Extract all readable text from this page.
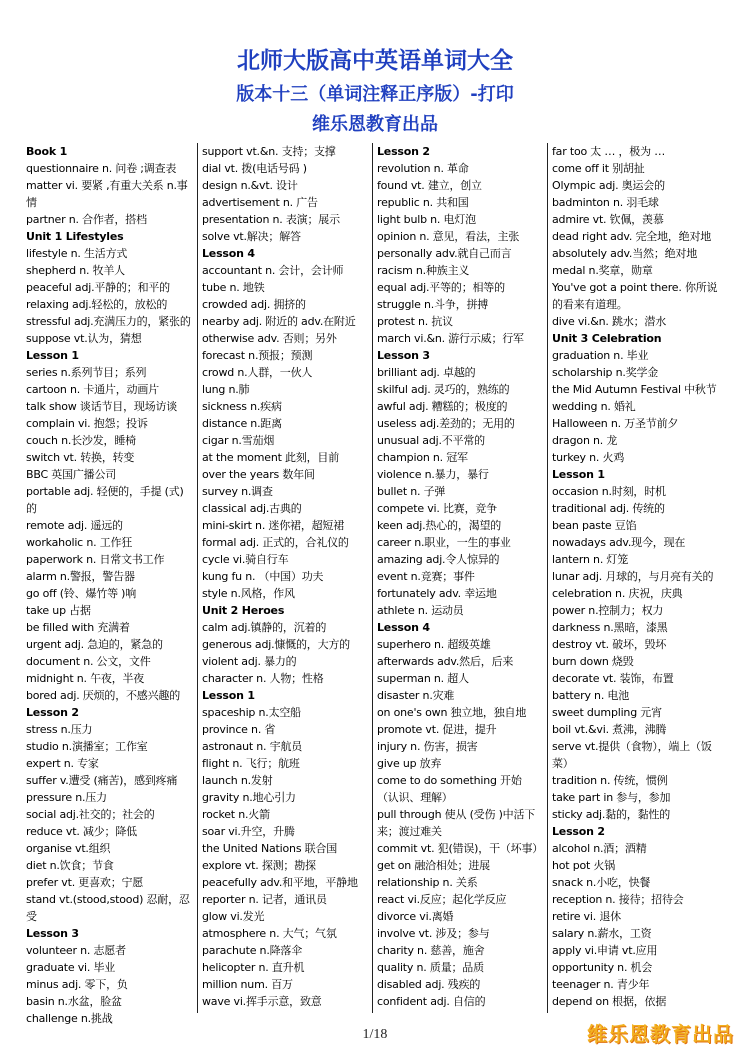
北师大版高中英语单词大全
版本十三（单词注释正序版）-打印
维乐恩教育出品
Book 1
questionnaire n. 问卷 ;调查表
matter vi. 要紧 ,有重大关系 n.事情
partner n. 合作者，搭档
Unit 1 Lifestyles
lifestyle n. 生活方式
shepherd n. 牧羊人
peaceful adj.平静的；和平的
relaxing adj.轻松的，放松的
stressful adj.充满压力的，紧张的
suppose vt.认为，猜想
Lesson 1
series n.系列节目；系列
cartoon n. 卡通片，动画片
talk show 谈话节目，现场访谈
complain vi. 抱怨；投诉
couch n.长沙发，睡椅
switch vt. 转换，转变
BBC 英国广播公司
portable adj. 轻便的，手提 (式)的
remote adj. 遥远的
workaholic n. 工作狂
paperwork n. 日常文书工作
alarm n.警报，警告器
go off (铃、爆竹等 )响
take up 占据
be filled with 充满着
urgent adj. 急迫的，紧急的
document n. 公文，文件
midnight n. 午夜，半夜
bored adj. 厌烦的，不感兴趣的
Lesson 2
stress n.压力
studio n.演播室；工作室
expert n. 专家
suffer v.遭受 (痛苦)，感到疼痛
pressure n.压力
social adj.社交的；社会的
reduce vt. 减少；降低
organise vt.组织
diet n.饮食；节食
prefer vt. 更喜欢；宁愿
stand vt.(stood,stood) 忍耐，忍受
Lesson 3
volunteer n. 志愿者
graduate vi. 毕业
minus adj. 零下，负
basin n.水盆，脸盆
challenge n.挑战
support vt.&n. 支持；支撑
dial vt. 拨(电话号码 )
design n.&vt. 设计
advertisement n. 广告
presentation n. 表演；展示
solve vt.解决；解答
Lesson 4
accountant n. 会计，会计师
tube n. 地铁
crowded adj. 拥挤的
nearby adj. 附近的 adv.在附近
otherwise adv. 否则；另外
forecast n.预报；预测
crowd n.人群，一伙人
lung n.肺
sickness n.疾病
distance n.距离
cigar n.雪茄烟
at the moment 此刻，目前
over the years 数年间
survey n.调查
classical adj.古典的
mini-skirt n. 迷你裙，超短裙
formal adj. 正式的，合礼仪的
cycle vi.骑自行车
kung fu n. （中国）功夫
style n.风格，作风
Unit 2 Heroes
calm adj.镇静的，沉着的
generous adj.慷慨的，大方的
violent adj. 暴力的
character n. 人物；性格
Lesson 1
spaceship n.太空船
province n. 省
astronaut n. 宇航员
flight n. 飞行；航班
launch n.发射
gravity n.地心引力
rocket n.火箭
soar vi.升空，升腾
the United Nations 联合国
explore vt. 探测；勘探
peacefully adv.和平地，平静地
reporter n. 记者，通讯员
glow vi.发光
atmosphere n. 大气；气氛
parachute n.降落伞
helicopter n. 直升机
million num. 百万
wave vi.挥手示意，致意
Lesson 2
revolution n. 革命
found vt. 建立，创立
republic n. 共和国
light bulb n. 电灯泡
opinion n. 意见，看法，主张
personally adv.就自己而言
racism n.种族主义
equal adj.平等的；相等的
struggle n.斗争，拼搏
protest n. 抗议
march vi.&n. 游行示威；行军
Lesson 3
brilliant adj. 卓越的
skilful adj. 灵巧的，熟练的
awful adj. 糟糕的；极度的
useless adj.差劲的；无用的
unusual adj.不平常的
champion n. 冠军
violence n.暴力，暴行
bullet n. 子弹
compete vi. 比赛，竞争
keen adj.热心的，渴望的
career n.职业，一生的事业
amazing adj.令人惊异的
event n.竞赛；事件
fortunately adv. 幸运地
athlete n. 运动员
Lesson 4
superhero n. 超级英雄
afterwards adv.然后，后来
superman n. 超人
disaster n.灾难
on one's own 独立地，独自地
promote vt. 促进，提升
injury n. 伤害，损害
give up 放弃
come to do something 开始（认识、理解）
pull through 使从 (受伤 )中活下来；渡过难关
commit vt. 犯(错误)，干（坏事）
get on 融洽相处；进展
relationship n. 关系
react vi.反应；起化学反应
divorce vi.离婚
involve vt. 涉及；参与
charity n. 慈善，施舍
quality n. 质量；品质
disabled adj. 残疾的
confident adj. 自信的
far too 太 … ，极为 …
come off it 别胡扯
Olympic adj. 奥运会的
badminton n. 羽毛球
admire vt. 钦佩，羡慕
dead right adv. 完全地，绝对地
absolutely adv.当然；绝对地
medal n.奖章，勋章
You've got a point there. 你所说的看来有道理。
dive vi.&n. 跳水；潜水
Unit 3 Celebration
graduation n. 毕业
scholarship n.奖学金
the Mid Autumn Festival 中秋节
wedding n. 婚礼
Halloween n. 万圣节前夕
dragon n. 龙
turkey n. 火鸡
Lesson 1
occasion n.时刻，时机
traditional adj. 传统的
bean paste 豆馅
nowadays adv.现今，现在
lantern n. 灯笼
lunar adj. 月球的，与月亮有关的
celebration n. 庆祝，庆典
power n.控制力；权力
darkness n.黑暗，漆黑
destroy vt. 破坏，毁坏
burn down 烧毁
decorate vt. 装饰，布置
battery n. 电池
sweet dumpling 元宵
boil vt.&vi. 煮沸，沸腾
serve vt.提供（食物），端上（饭菜）
tradition n. 传统，惯例
take part in 参与，参加
sticky adj.黏的，黏性的
Lesson 2
alcohol n.酒；酒精
hot pot 火锅
snack n.小吃，快餐
reception n. 接待；招待会
retire vi. 退休
salary n.薪水，工资
apply vi.申请 vt.应用
opportunity n. 机会
teenager n. 青少年
depend on 根据，依据
1/18	维乐恩教育出品
